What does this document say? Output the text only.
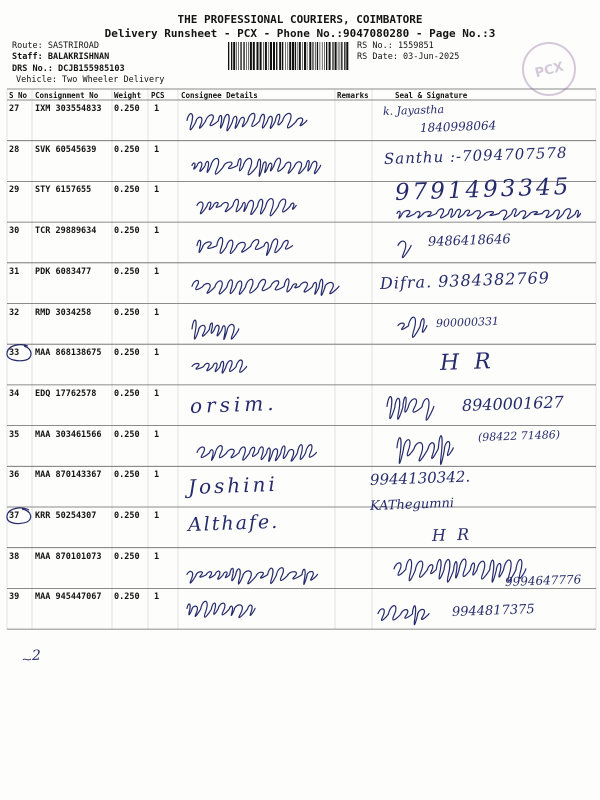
THE PROFESSIONAL COURIERS, COIMBATORE
Delivery Runsheet - PCX - Phone No.:9047080280 - Page No.:3
Route: SASTRIROAD
Staff: BALAKRISHNAN
DRS No.: DCJB155985103
Vehicle: Two Wheeler Delivery
RS No.: 1559851
RS Date: 03-Jun-2025
PCX
S No Consignment No Weight PCS Consignee Details	Remarks	Seal & Signature
2
27 IXM 303554833 0.250 1	k. Jayastha
1840998064
28 SVK 60545639 0.250 1	Santhu :-7094707578
29 STY 6157655	0.250 1	9791493345
30 TCR 29889634 0.250 1
9486418646
31 PDK 6083477	0.250 1	Difra. 9384382769
32 RMD 3034258	0.250 1
900000331
33 MAA 868138675 0.250 1	H R
34 EDQ 17762578 0.250 1 orsim.	8940001627
35 MAA 303461566 0.250 1	(98422 71486)
36 MAA 870143367 0.250 1 Joshini	9944130342.
KAThegumni
37 KRR 50254307 0.250 1 Althafe.	H R
38 MAA 870101073 0.250 1
9994647776
39 MAA 945447067 0.250 1
9944817375
